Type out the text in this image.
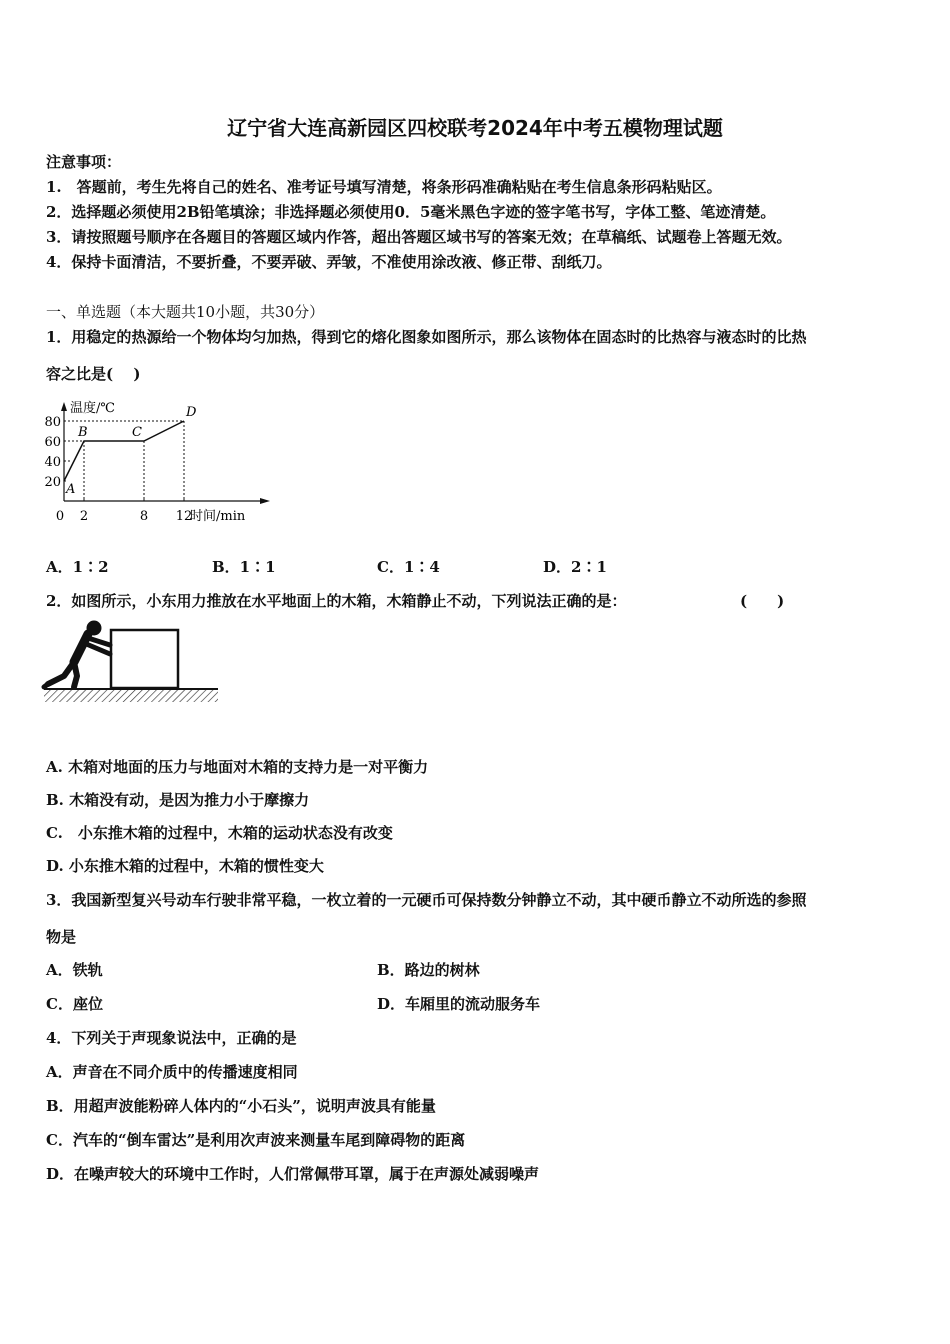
辽宁省大连高新园区四校联考2024年中考五模物理试题
注意事项：
1.　答题前，考生先将自己的姓名、准考证号填写清楚，将条形码准确粘贴在考生信息条形码粘贴区。
2．选择题必须使用2B铅笔填涂；非选择题必须使用0．5毫米黑色字迹的签字笔书写，字体工整、笔迹清楚。
3．请按照题号顺序在各题目的答题区域内作答，超出答题区域书写的答案无效；在草稿纸、试题卷上答题无效。
4．保持卡面清洁，不要折叠，不要弄破、弄皱，不准使用涂改液、修正带、刮纸刀。
一、单选题（本大题共10小题，共30分）
1．用稳定的热源给一个物体均匀加热，得到它的熔化图象如图所示，那么该物体在固态时的比热容与液态时的比热
容之比是(　 )
温度/℃
时间/min
20
40
60
80
0 2	8 12
A
B	C
D
A．1∶2	B．1∶1	C．1∶4	D．2∶1
2．如图所示，小东用力推放在水平地面上的木箱，木箱静止不动，下列说法正确的是：	(　　)
A. 木箱对地面的压力与地面对木箱的支持力是一对平衡力
B. 木箱没有动，是因为推力小于摩擦力
C.　小东推木箱的过程中，木箱的运动状态没有改变
D. 小东推木箱的过程中，木箱的惯性变大
3．我国新型复兴号动车行驶非常平稳，一枚立着的一元硬币可保持数分钟静立不动，其中硬币静立不动所选的参照
物是
A．铁轨	B．路边的树林
C．座位	D．车厢里的流动服务车
4．下列关于声现象说法中，正确的是
A．声音在不同介质中的传播速度相同
B．用超声波能粉碎人体内的“小石头”，说明声波具有能量
C．汽车的“倒车雷达”是利用次声波来测量车尾到障碍物的距离
D．在噪声较大的环境中工作时，人们常佩带耳罩，属于在声源处减弱噪声
